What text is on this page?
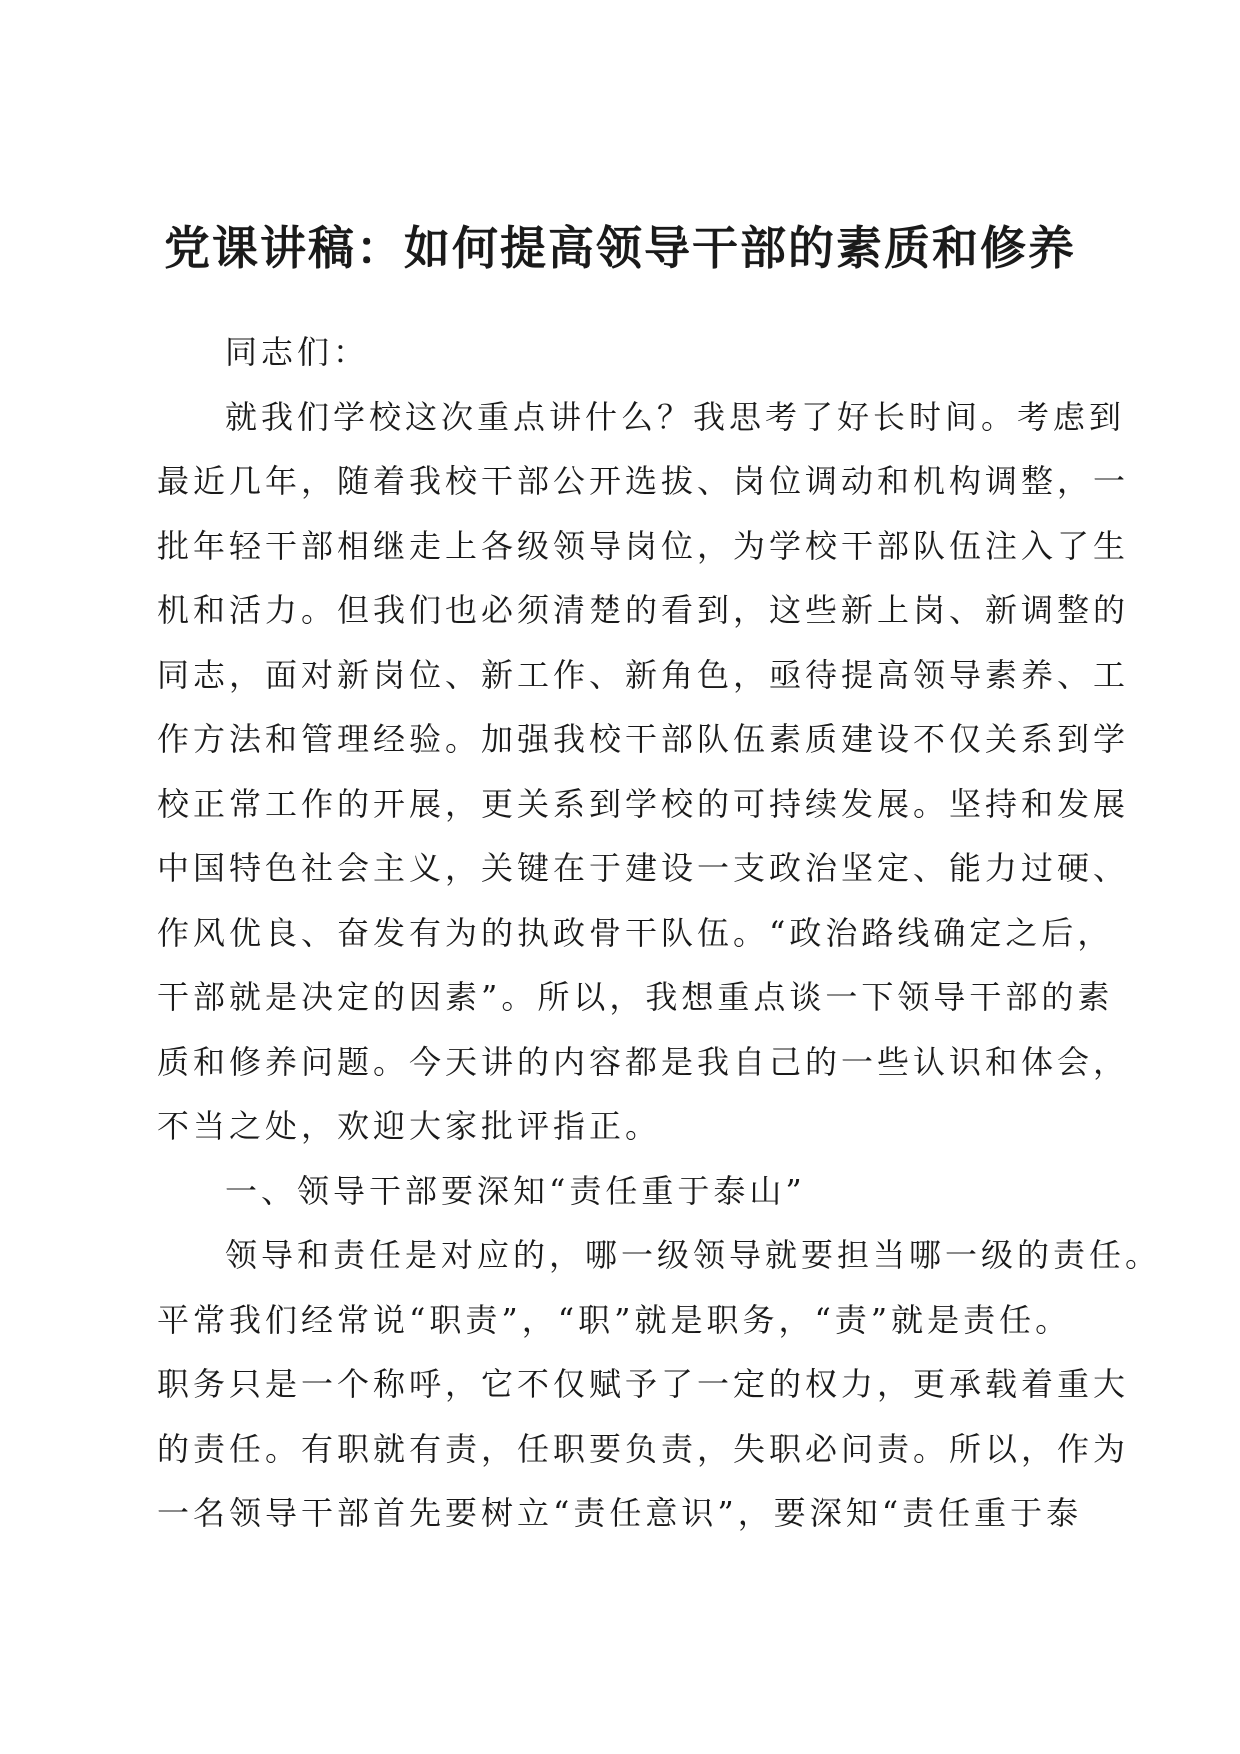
党课讲稿：如何提高领导干部的素质和修养

同志们：

就我们学校这次重点讲什么？我思考了好长时间。考虑到

最近几年，随着我校干部公开选拔、岗位调动和机构调整，一

批年轻干部相继走上各级领导岗位，为学校干部队伍注入了生

机和活力。但我们也必须清楚的看到，这些新上岗、新调整的

同志，面对新岗位、新工作、新角色，亟待提高领导素养、工

作方法和管理经验。加强我校干部队伍素质建设不仅关系到学

校正常工作的开展，更关系到学校的可持续发展。坚持和发展

中国特色社会主义，关键在于建设一支政治坚定、能力过硬、

作风优良、奋发有为的执政骨干队伍。“政治路线确定之后，

干部就是决定的因素”。所以，我想重点谈一下领导干部的素

质和修养问题。今天讲的内容都是我自己的一些认识和体会，

不当之处，欢迎大家批评指正。

一、领导干部要深知“责任重于泰山”

领导和责任是对应的，哪一级领导就要担当哪一级的责任。

平常我们经常说“职责”，“职”就是职务，“责”就是责任。

职务只是一个称呼，它不仅赋予了一定的权力，更承载着重大

的责任。有职就有责，任职要负责，失职必问责。所以，作为

一名领导干部首先要树立“责任意识”，要深知“责任重于泰
